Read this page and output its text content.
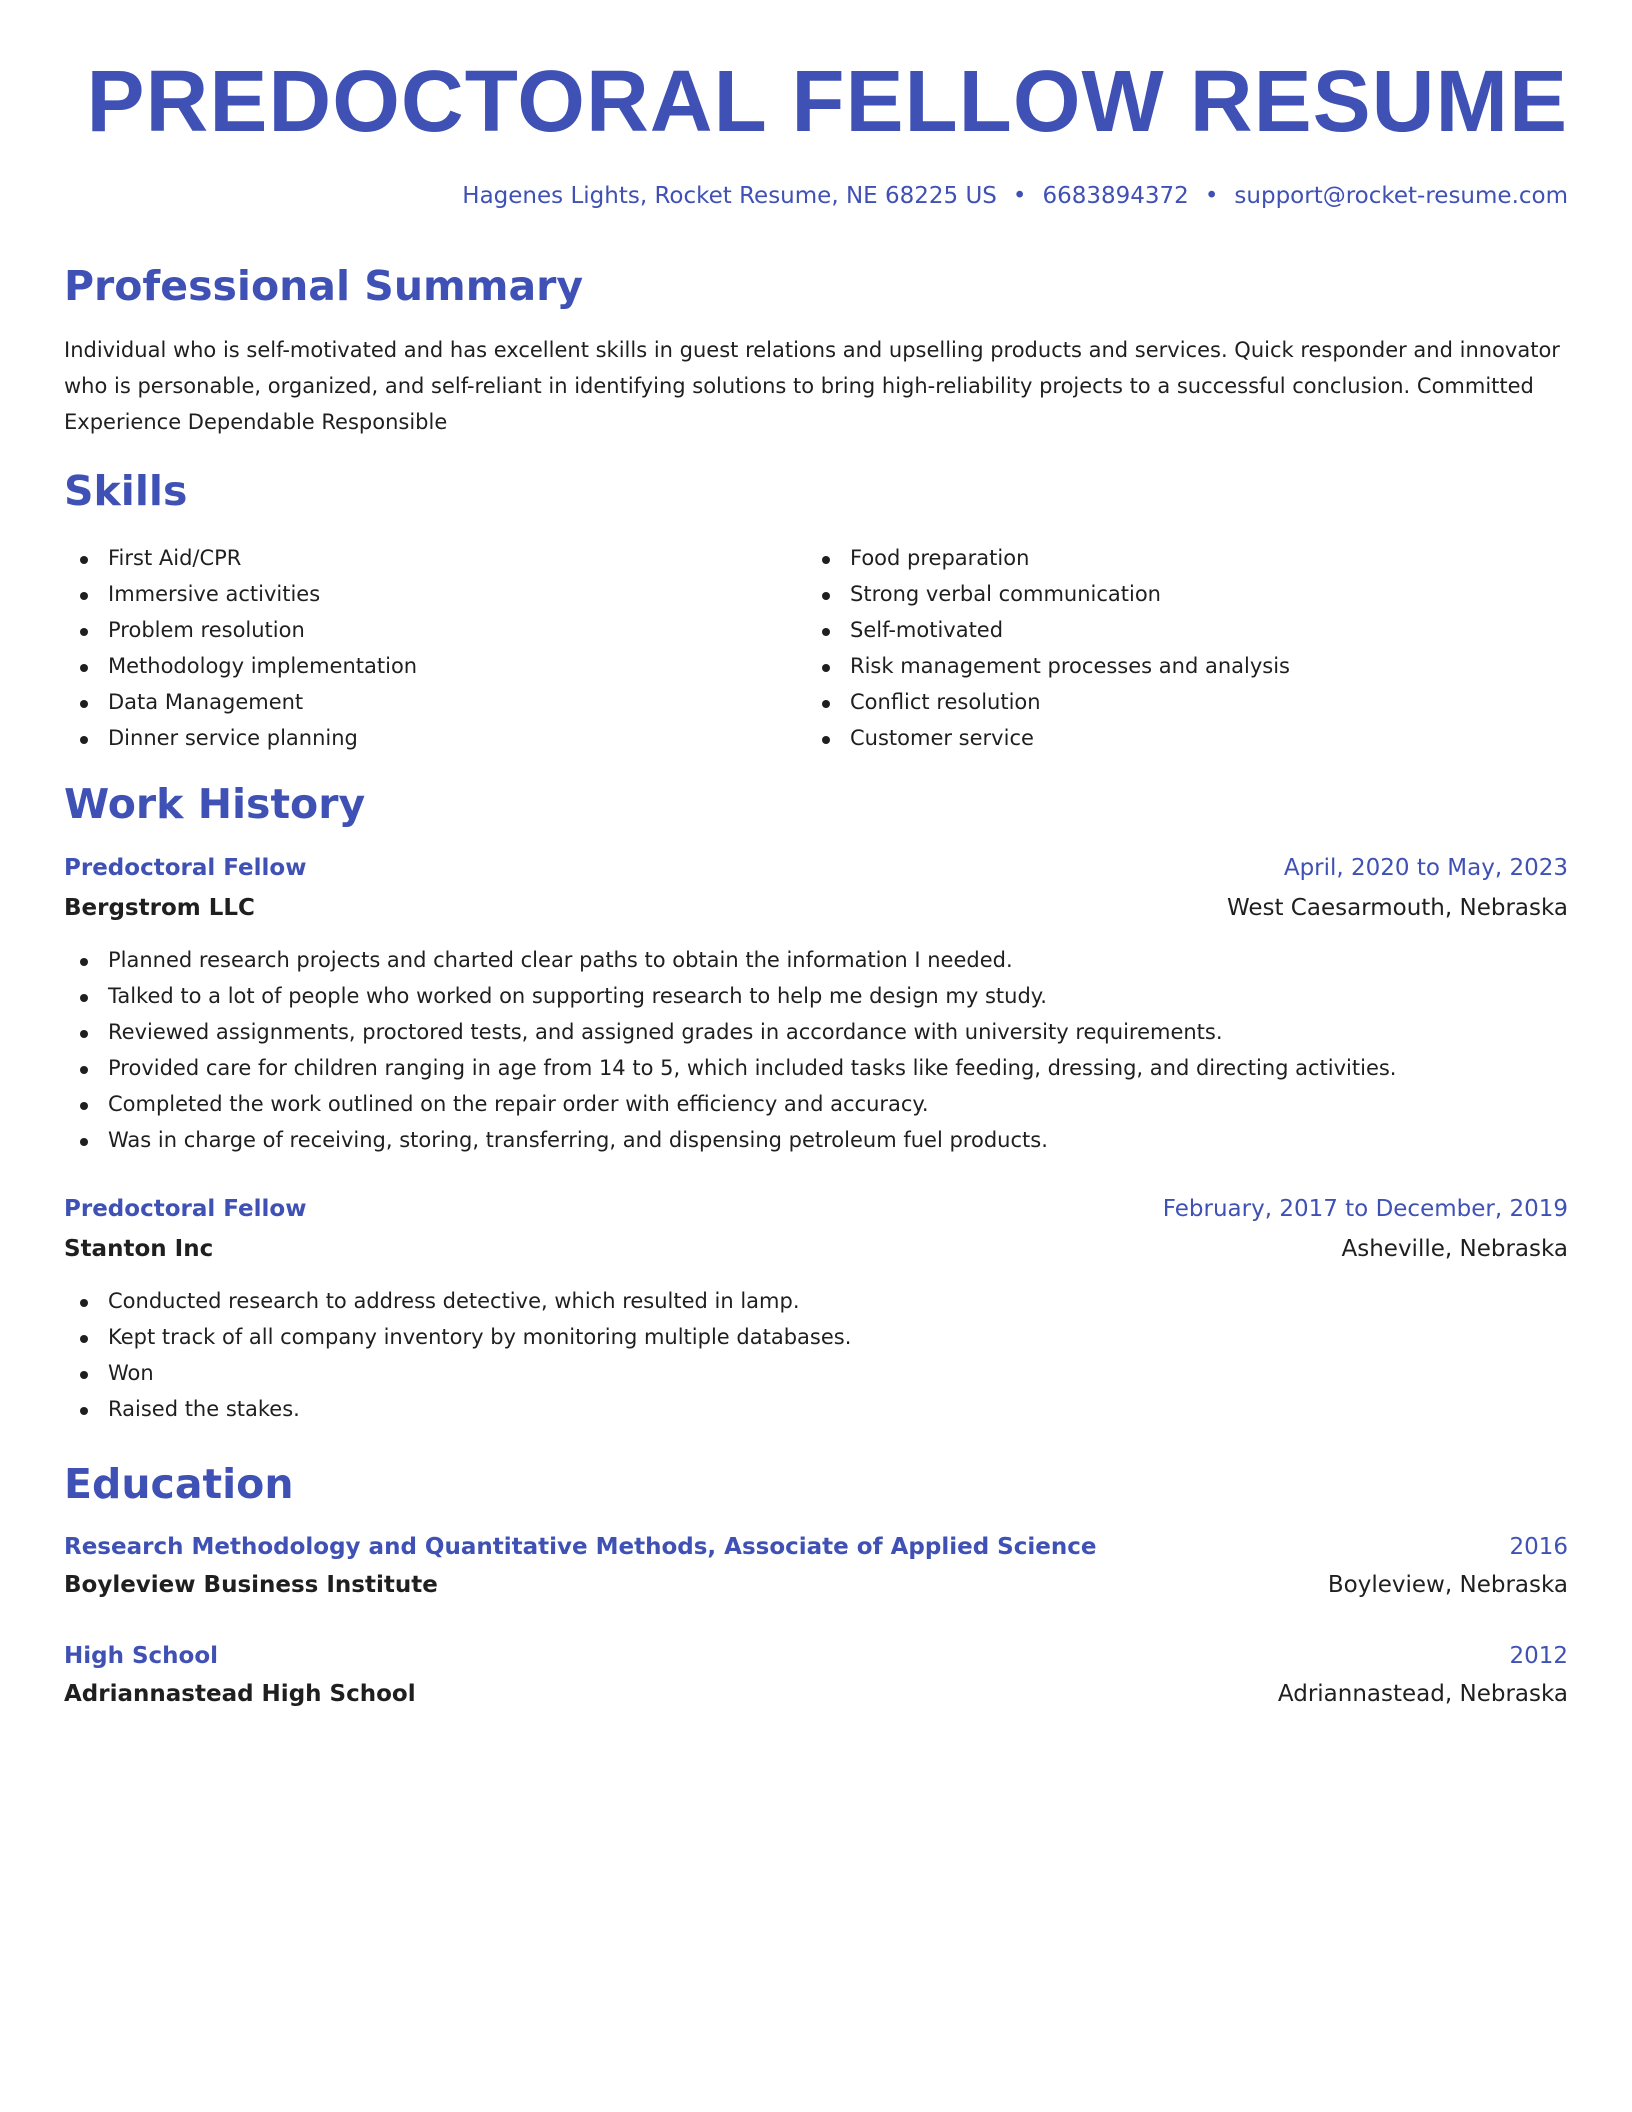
PREDOCTORAL FELLOW RESUME
Hagenes Lights, Rocket Resume, NE 68225 US • 6683894372 • support@rocket-resume.com
Professional Summary

Individual who is self-motivated and has excellent skills in guest relations and upselling products and services. Quick responder and innovator who is personable, organized, and self-reliant in identifying solutions to bring high-reliability projects to a successful conclusion. Committed Experience Dependable Responsible

Skills
First Aid/CPR
Immersive activities
Problem resolution
Methodology implementation
Data Management
Dinner service planning
Food preparation
Strong verbal communication
Self-motivated
Risk management processes and analysis
Conflict resolution
Customer service
Work History
Predoctoral Fellow	April, 2020 to May, 2023
Bergstrom LLC	West Caesarmouth, Nebraska
Planned research projects and charted clear paths to obtain the information I needed.
Talked to a lot of people who worked on supporting research to help me design my study.
Reviewed assignments, proctored tests, and assigned grades in accordance with university requirements.
Provided care for children ranging in age from 14 to 5, which included tasks like feeding, dressing, and directing activities.
Completed the work outlined on the repair order with efficiency and accuracy.
Was in charge of receiving, storing, transferring, and dispensing petroleum fuel products.
Predoctoral Fellow	February, 2017 to December, 2019
Stanton Inc	Asheville, Nebraska
Conducted research to address detective, which resulted in lamp.
Kept track of all company inventory by monitoring multiple databases.
Won
Raised the stakes.
Education
Research Methodology and Quantitative Methods, Associate of Applied Science	2016
Boyleview Business Institute	Boyleview, Nebraska
High School	2012
Adriannastead High School	Adriannastead, Nebraska
